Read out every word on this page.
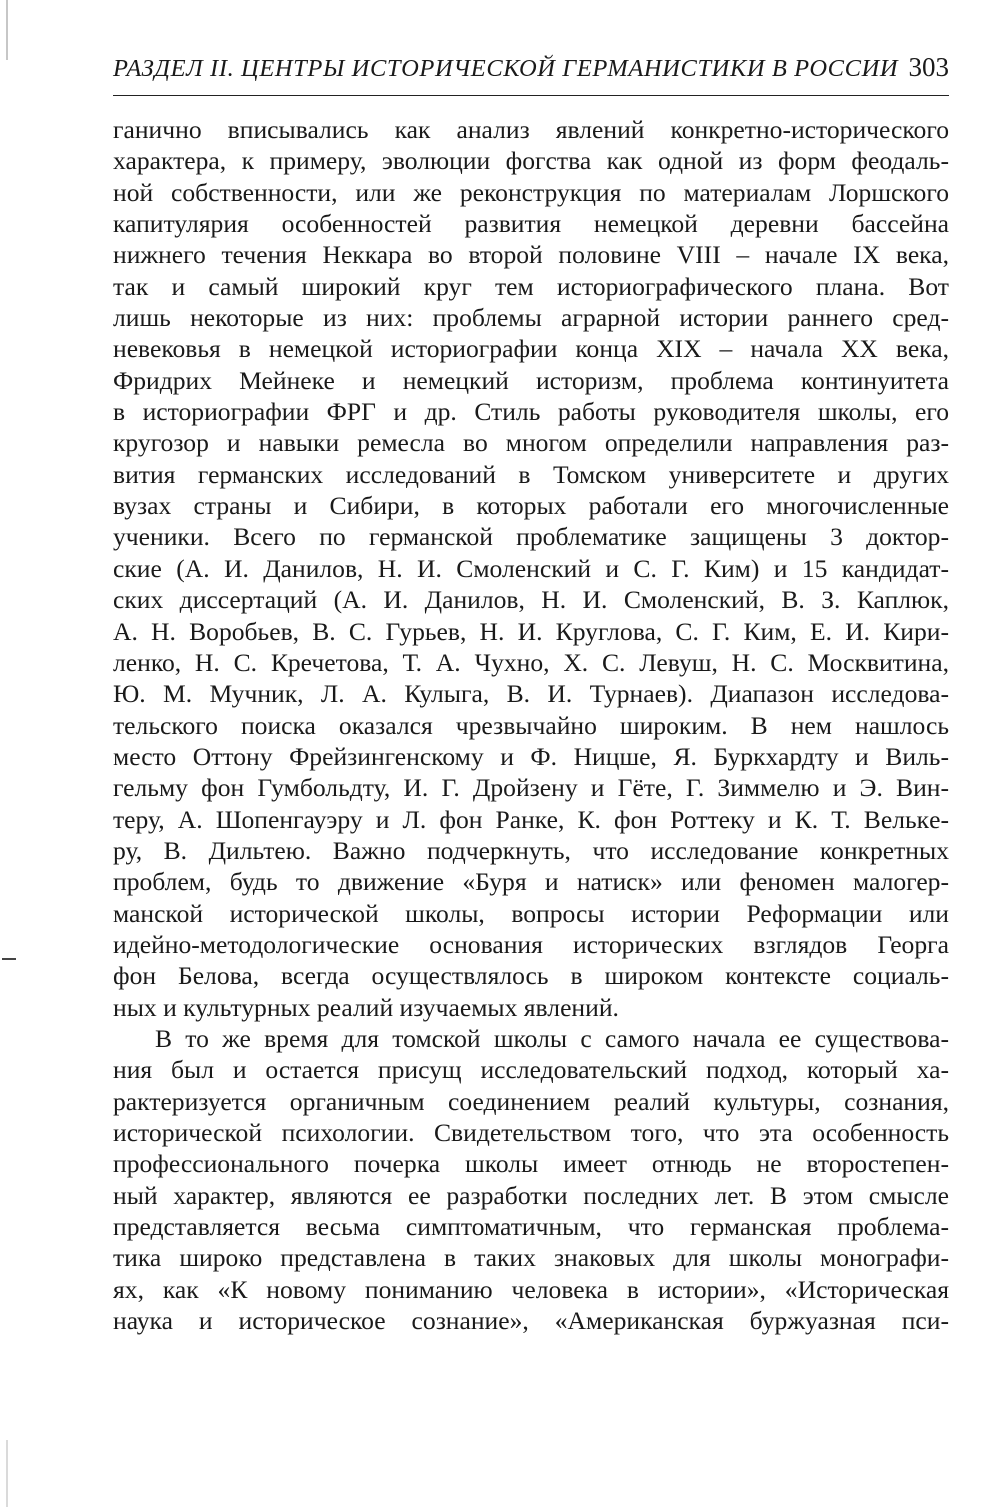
РАЗДЕЛ II. ЦЕНТРЫ ИСТОРИЧЕСКОЙ ГЕРМАНИСТИКИ В РОССИИ 303
ганично вписывались как анализ явлений конкретно-исторического
характера, к примеру, эволюции фогства как одной из форм феодаль-
ной собственности, или же реконструкция по материалам Лоршского
капитулярия особенностей развития немецкой деревни бассейна
нижнего течения Неккара во второй половине VIII – начале IX века,
так и самый широкий круг тем историографического плана. Вот
лишь некоторые из них: проблемы аграрной истории раннего сред-
невековья в немецкой историографии конца XIX – начала XX века,
Фридрих Мейнеке и немецкий историзм, проблема континуитета
в историографии ФРГ и др. Стиль работы руководителя школы, его
кругозор и навыки ремесла во многом определили направления раз-
вития германских исследований в Томском университете и других
вузах страны и Сибири, в которых работали его многочисленные
ученики. Всего по германской проблематике защищены 3 доктор-
ские (А. И. Данилов, Н. И. Смоленский и С. Г. Ким) и 15 кандидат-
ских диссертаций (А. И. Данилов, Н. И. Смоленский, В. З. Каплюк,
А. Н. Воробьев, В. С. Гурьев, Н. И. Круглова, С. Г. Ким, Е. И. Кири-
ленко, Н. С. Кречетова, Т. А. Чухно, Х. С. Левуш, Н. С. Москвитина,
Ю. М. Мучник, Л. А. Кулыга, В. И. Турнаев). Диапазон исследова-
тельского поиска оказался чрезвычайно широким. В нем нашлось
место Оттону Фрейзингенскому и Ф. Ницше, Я. Буркхардту и Виль-
гельму фон Гумбольдту, И. Г. Дройзену и Гёте, Г. Зиммелю и Э. Вин-
теру, А. Шопенгауэру и Л. фон Ранке, К. фон Роттеку и К. Т. Велькe-
ру, В. Дильтею. Важно подчеркнуть, что исследование конкретных
проблем, будь то движение «Буря и натиск» или феномен малогер-
манской исторической школы, вопросы истории Реформации или
идейно-методологические основания исторических взглядов Георга
фон Белова, всегда осуществлялось в широком контексте социаль-
ных и культурных реалий изучаемых явлений.
В то же время для томской школы с самого начала ее существова-
ния был и остается присущ исследовательский подход, который ха-
рактеризуется органичным соединением реалий культуры, сознания,
исторической психологии. Свидетельством того, что эта особенность
профессионального почерка школы имеет отнюдь не второстепен-
ный характер, являются ее разработки последних лет. В этом смысле
представляется весьма симптоматичным, что германская проблема-
тика широко представлена в таких знаковых для школы монографи-
ях, как «К новому пониманию человека в истории», «Историческая
наука и историческое сознание», «Американская буржуазная пси-
